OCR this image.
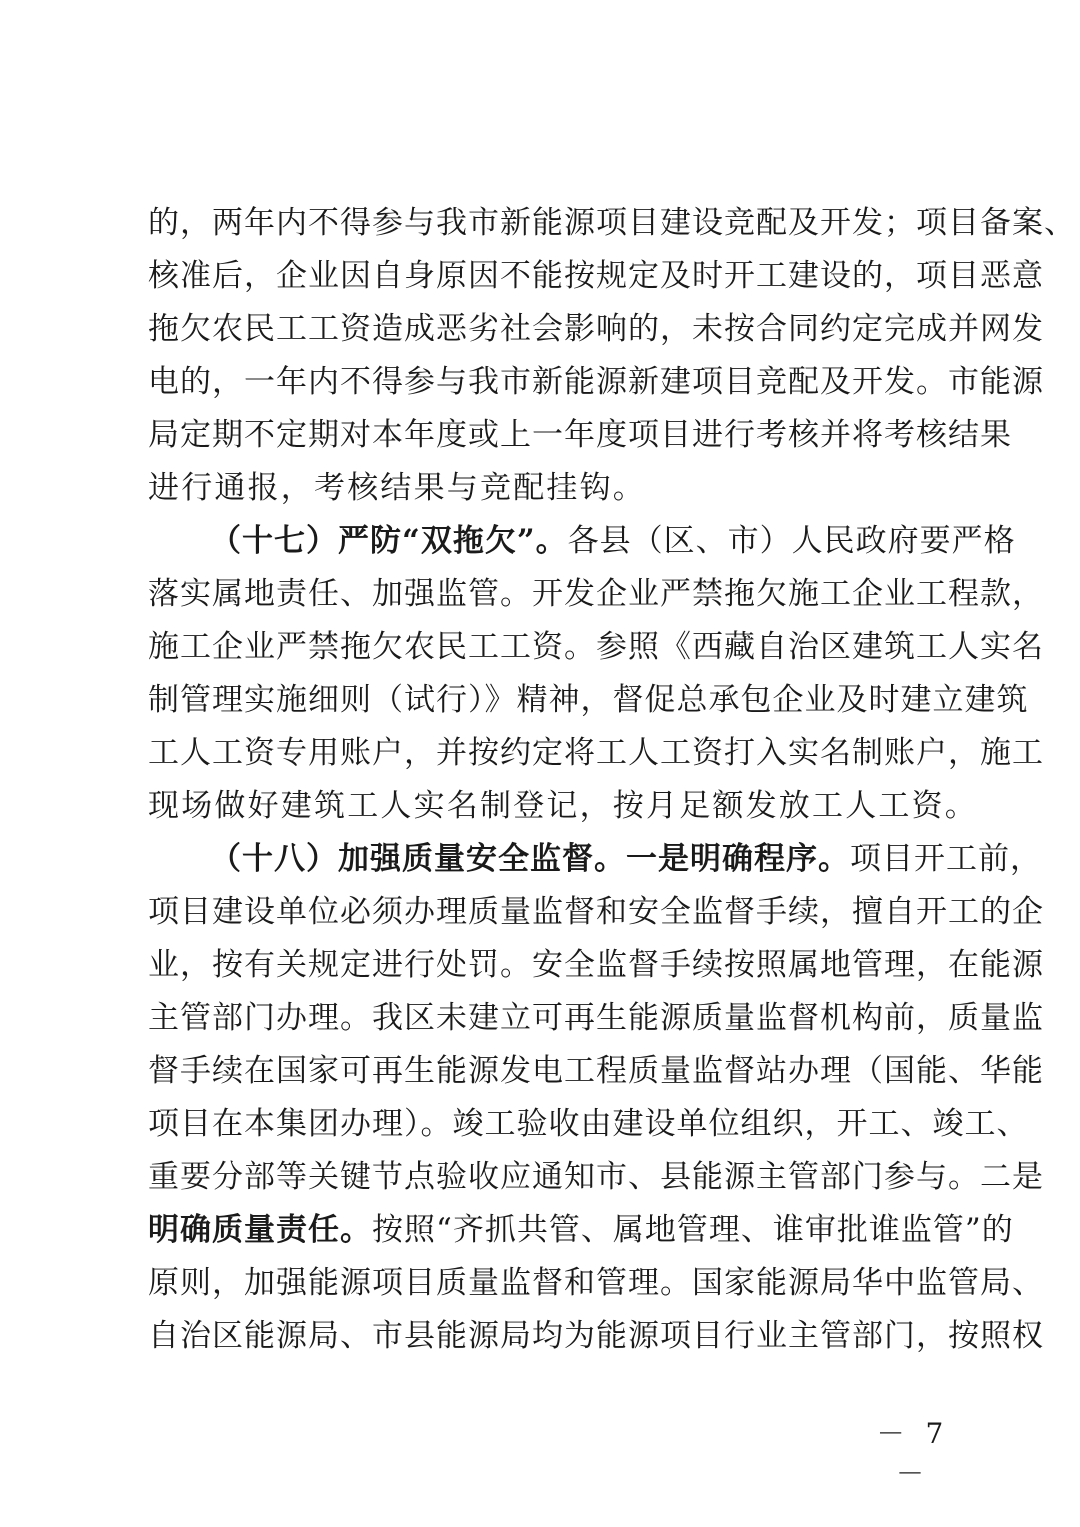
的，两年内不得参与我市新能源项目建设竞配及开发；项目备案、
核准后，企业因自身原因不能按规定及时开工建设的，项目恶意
拖欠农民工工资造成恶劣社会影响的，未按合同约定完成并网发
电的，一年内不得参与我市新能源新建项目竞配及开发。市能源
局定期不定期对本年度或上一年度项目进行考核并将考核结果
进行通报，考核结果与竞配挂钩。
（十七）严防“双拖欠”。各县（区、市）人民政府要严格
落实属地责任、加强监管。开发企业严禁拖欠施工企业工程款，
施工企业严禁拖欠农民工工资。参照《西藏自治区建筑工人实名
制管理实施细则（试行）》精神，督促总承包企业及时建立建筑
工人工资专用账户，并按约定将工人工资打入实名制账户，施工
现场做好建筑工人实名制登记，按月足额发放工人工资。
（十八）加强质量安全监督。一是明确程序。项目开工前，
项目建设单位必须办理质量监督和安全监督手续，擅自开工的企
业，按有关规定进行处罚。安全监督手续按照属地管理，在能源
主管部门办理。我区未建立可再生能源质量监督机构前，质量监
督手续在国家可再生能源发电工程质量监督站办理（国能、华能
项目在本集团办理）。竣工验收由建设单位组织，开工、竣工、
重要分部等关键节点验收应通知市、县能源主管部门参与。二是
明确质量责任。按照“齐抓共管、属地管理、谁审批谁监管”的
原则，加强能源项目质量监督和管理。国家能源局华中监管局、
自治区能源局、市县能源局均为能源项目行业主管部门，按照权
－ 7 －
